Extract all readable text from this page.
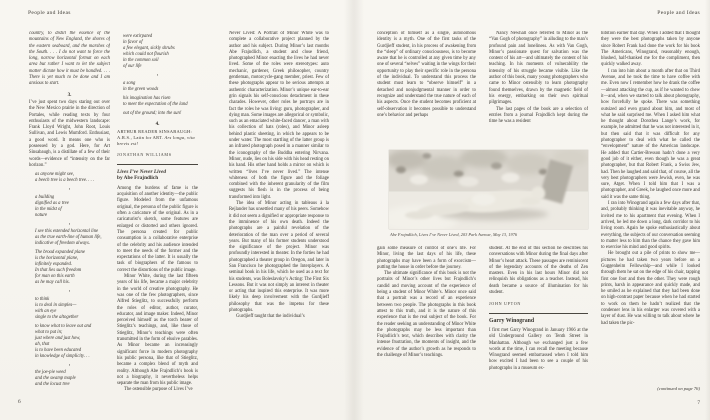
People and Ideas

country, to distill the essence of the mountains of New England, the shores of the eastern seaboard, and the marshes of the South. . . . I do not want to force the long, narrow horizontal format on each area but rather I want to let the subject matter dictate how it must be handled. . . . There is yet much to be done and I am anxious to start.

3.

I’ve just spent two days staring out over the New Mexico prairie in the direction of Portales, while reading texts by four enthusiasts of the midwestern landscape: Frank Lloyd Wright, John Root, Louis Sullivan, and Lewis Mumford. Enthusiast, a good word. It means one who is possessed by a god. Here, for Art Sinsabaugh, is a distillate of a few of their words—evidence of “intensity on the far horizon.”

as anyone might see,
a beech tree is a beech tree. . . .
▪
a building
dignified as a tree
in the midst of
nature
▪
I see this extended horizontal line
as the true earth-line of human life,
indicative of freedom always.
The broad expanded plane
is the horizontal plane,
infinitely expanded.
In that lies such freedom
for man on this earth
as he may call his.
▪
to think
is to deal in simples—
with an eye
single to the altogether
to know what to leave out and
what to put in;
just where and just how,
ah, that
is to have been educated
in knowledge of simplicity. . .
▪
the joe-pie weed
and the swamp maple
and the locust tree
were extirpated
in favor of
a few elegant, sickly shrubs
which could not flourish
in the common soil
of our life
▪
a song
in the green woods
his imagination has risen
to meet the expectation of the land
out of the ground; into the sun!
4.
ARTHUR READER SINSABAUGH: A.R.S., Latin for ART. Ars longa, vita brevis est!
JONATHAN WILLIAMS
Lives I’ve Never Lived
by Abe Frajndlich

Among the burdens of fame is the acquisition of another identity—the public figure. Modeled from the unfamous original, the persona of the public figure is often a caricature of the original. As in a caricaturist’s sketch, some features are enlarged or distorted and others ignored. The persona created for public consumption is a collaborative enterprise of the celebrity and his audience intended to meet the needs of the former and the expectations of the latter. It is usually the task of biographers of the famous to correct the distortions of the public image.

Minor White, during the last fifteen years of his life, became a major celebrity in the world of creative photography. He was one of the few photographers, since Alfred Stieglitz, to successfully perform the roles of editor, author, curator, educator, and image maker. Indeed, Minor perceived himself as the torch bearer of Stieglitz’s teachings, and, like those of Stieglitz, Minor’s teachings were often transmitted in the form of elusive parables. As Minor became an increasingly significant force in modern photography his public persona, like that of Stieglitz, became a complex blend of myth and reality. Although Abe Frajndlich’s book is not a biography, it nevertheless helps separate the man from his public image.

The ostensible purpose of Lives I’ve

Never Lived: A Portrait of Minor White was to complete a collaborative project planned by the author and his subject. During Minor’s last months Abe Frajndlich, a student and close friend, photographed Minor enacting the lives he had never lived. Some of the roles were stereotypes: auto mechanic, gardener, Greek philosopher, country gentleman, motorcycle-gang member, priest. Few of these photographs appear to be serious attempts at authentic characterization. Minor’s unique ear-to-ear grin signals his self-conscious detachment in these charades. However, other roles he portrays are in fact the roles he was living: guru, photographer, and dying man. Some images are allegorical or symbolic, such as an emaciated white-faced dancer, a man with his collection of hats (roles), and Minor asleep behind plastic sheeting, in which he appears to be under water. The most startling of the latter group is an infrared photograph posed in a manner similar to the iconography of the Buddha entering Nirvana. Minor, nude, lies on his side with his head resting on his hand. His other hand holds a mirror on which is written “lives I’ve never lived.” The intense whiteness of both the figure and the foliage combined with the inherent granularity of the film suggests his flesh is in the process of being transformed into light.

The idea of Minor acting in tableaus à la Rejlander has unsettled many of his peers. Somehow it did not seem a dignified or appropriate response to the imminence of his own death. Indeed the photographs are a painful revelation of the deterioration of the man over a period of several years. But many of his former students understood the significance of the project. Minor was profoundly interested in theater. In the forties he had photographed a theater group in Oregon, and later in San Francisco he photographed the Interplayers. A seminal book in his life, which he used as a text for his students, was Boleslavsky’s Acting: The First Six Lessons. But it was not simply an interest in theater or acting that inspired this enterprise. It was more likely his deep involvement with the Gurdjieff philosophy that was the impetus for these photographs.

Gurdjieff taught that the individual’s

6
People and Ideas

conception of himself as a single, autonomous identity is a myth. One of the first tasks of the Gurdjieff student, in his process of awakening from the “sleep” of ordinary consciousness, is to become aware that he is controlled at any given time by any one of several “selves” waiting in the wings for their opportunity to play their specific role in the persona of the individual. To understand this process the student must learn to “observe himself” in a detached and nonjudgmental manner in order to recognize and understand the true nature of each of his aspects. Once the student becomes proficient at self-observation it becomes possible to understand one’s behavior and perhaps

Nancy Newhall once referred to Minor as the “Van Gogh of photography” in alluding to the man’s profound pain and loneliness. As with Van Gogh, Minor’s passionate quest for salvation was the content of his art—and ultimately the content of his teaching. In his moments of vulnerability the intensity of his struggle became visible. Like the author of this book, many young photographers who came to Minor ostensibly to learn photography found themselves, drawn by the magnetic field of his energy, embarking on their own spiritual pilgrimages.

The last pages of the book are a selection of entries from a journal Frajndlich kept during the time he was a resident

Abe Frajndlich, Lives I’ve Never Lived, 203 Park Avenue, May 13, 1976

gain some measure of control of one’s life. For Minor, living the last days of his life, these photographs may have been a form of exorcism—putting the house in order before the journey.

The ultimate significance of this book is not the portraits of Minor’s other lives but Frajndlich’s candid and moving account of the experience of being a student of Minor White’s. Minor once said that a portrait was a record of an experience between two people. The photographs in this book attest to this truth, and it is the nature of this experience that is the real subject of the book. For the reader seeking an understanding of Minor White the photographs may be less important than Frajndlich’s text, which describes with clarity the intense frustration, the moments of insight, and the evidence of the author’s growth as he responds to the challenge of Minor’s teachings.

student. At the end of this section he describes his conversations with Minor during the final days after Minor’s heart attack. These passages are reminiscent of the legendary accounts of the deaths of Zen masters. Even in his last hours Minor did not relinquish his obligations as a teacher. Instead, his death became a source of illumination for his student.

JOHN UPTON
Garry Winogrand

I first met Garry Winogrand in January 1966 at the old Underground Gallery on Tenth Street in Manhattan. Although we exchanged just a few words at the time, I can recall the meeting because Winogrand seemed embarrassed when I told him how excited I had been to see a couple of his photographs in a museum ex-

hibition earlier that day. When I added that I thought they were the best photographs taken by anyone since Robert Frank had done the work for his book The Americans, Winogrand, reasonably enough, blushed, half-thanked me for the compliment, then quickly walked away.

I ran into him about a month after that on Third Avenue, and he took the time to have coffee with me. Even now I remember how he drank the coffee—almost attacking the cup, as if he wanted to chew it—and, when we started to talk about photography, how forcefully he spoke. There was something outsized and even grand about him, and most of what he said surprised me. When I asked him what he thought about Dorothea Lange’s work, for example, he admitted that he was not interested in it, but then said that it was difficult for any photographer to deal with what he called the “envelopment” nature of the American landscape. He added that Cartier-Bresson hadn’t done a very good job of it either, even though he was a great photographer, but that Robert Frank, a Swiss Jew, had. Then he laughed and said that, of course, all the very best photographers were Jewish, even, he was sure, Atget. When I told him that I was a photographer, and Greek, he laughed once more and said it was the same thing.

I ran into Winogrand again a few days after that, and, probably thinking it was inevitable anyway, he invited me to his apartment that evening. When I arrived, he led me down a long, dark corridor to his living room. Again he spoke enthusiastically about everything, the subjects of our conversation seeming to matter less to him than the chance they gave him to exercise his mind and good spirits.

He brought out a pile of prints to show me—pictures he had taken two years before on a Guggenheim Fellowship—and while I looked through them he sat on the edge of his chair, tapping first one foot and then the other. They were rough prints, harsh in appearance and quickly made, and he smiled as he explained that they had been done on high-contrast paper because when he had started to work on them he hadn’t realized that the condenser lens in his enlarger was covered with a layer of dust. He was willing to talk about where he had taken the pic-

(continued on page 76)
7
